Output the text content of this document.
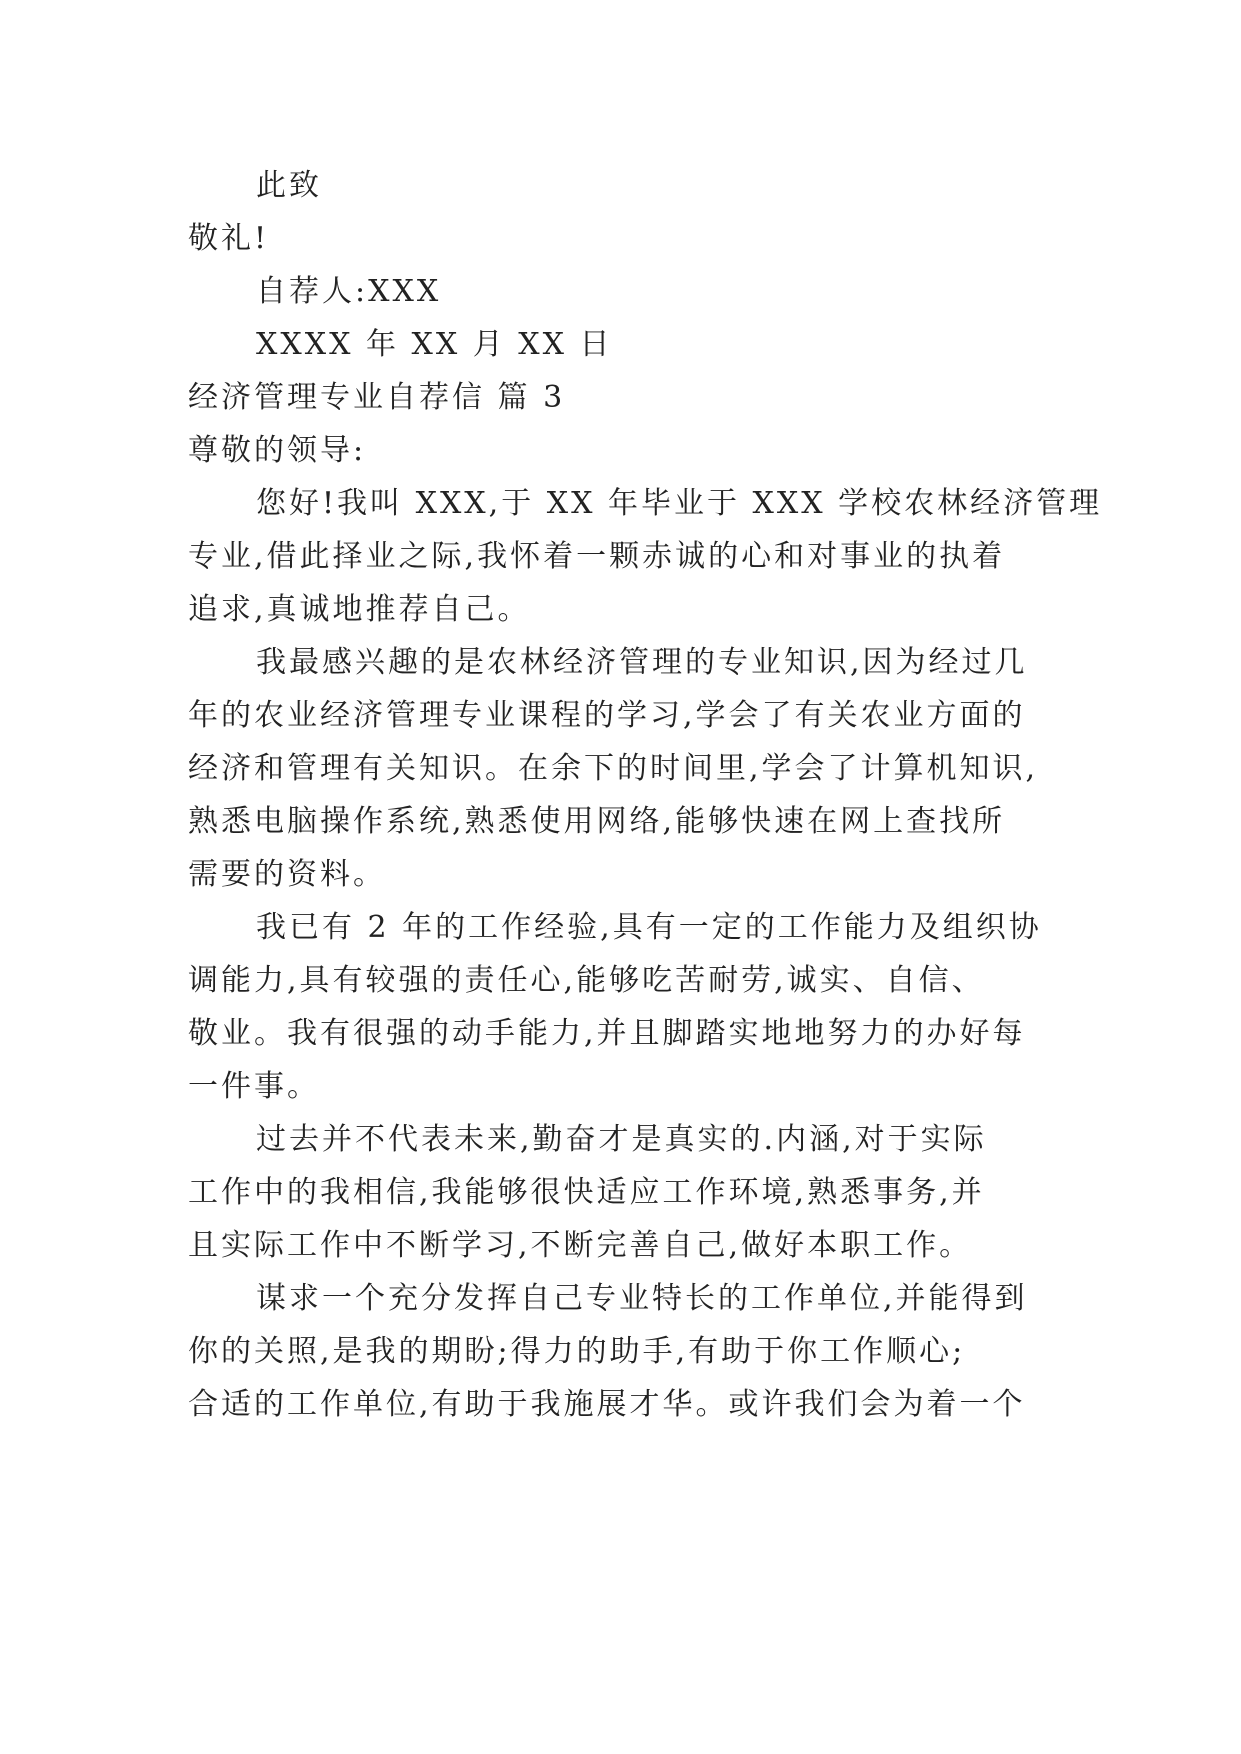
此致
敬礼!
自荐人:XXX
XXXX 年 XX 月 XX 日
经济管理专业自荐信 篇 3
尊敬的领导:
您好!我叫 XXX,于 XX 年毕业于 XXX 学校农林经济管理
专业,借此择业之际,我怀着一颗赤诚的心和对事业的执着
追求,真诚地推荐自己。
我最感兴趣的是农林经济管理的专业知识,因为经过几
年的农业经济管理专业课程的学习,学会了有关农业方面的
经济和管理有关知识。在余下的时间里,学会了计算机知识,
熟悉电脑操作系统,熟悉使用网络,能够快速在网上查找所
需要的资料。
我已有 2 年的工作经验,具有一定的工作能力及组织协
调能力,具有较强的责任心,能够吃苦耐劳,诚实、自信、
敬业。我有很强的动手能力,并且脚踏实地地努力的办好每
一件事。
过去并不代表未来,勤奋才是真实的.内涵,对于实际
工作中的我相信,我能够很快适应工作环境,熟悉事务,并
且实际工作中不断学习,不断完善自己,做好本职工作。
谋求一个充分发挥自己专业特长的工作单位,并能得到
你的关照,是我的期盼;得力的助手,有助于你工作顺心;
合适的工作单位,有助于我施展才华。或许我们会为着一个
